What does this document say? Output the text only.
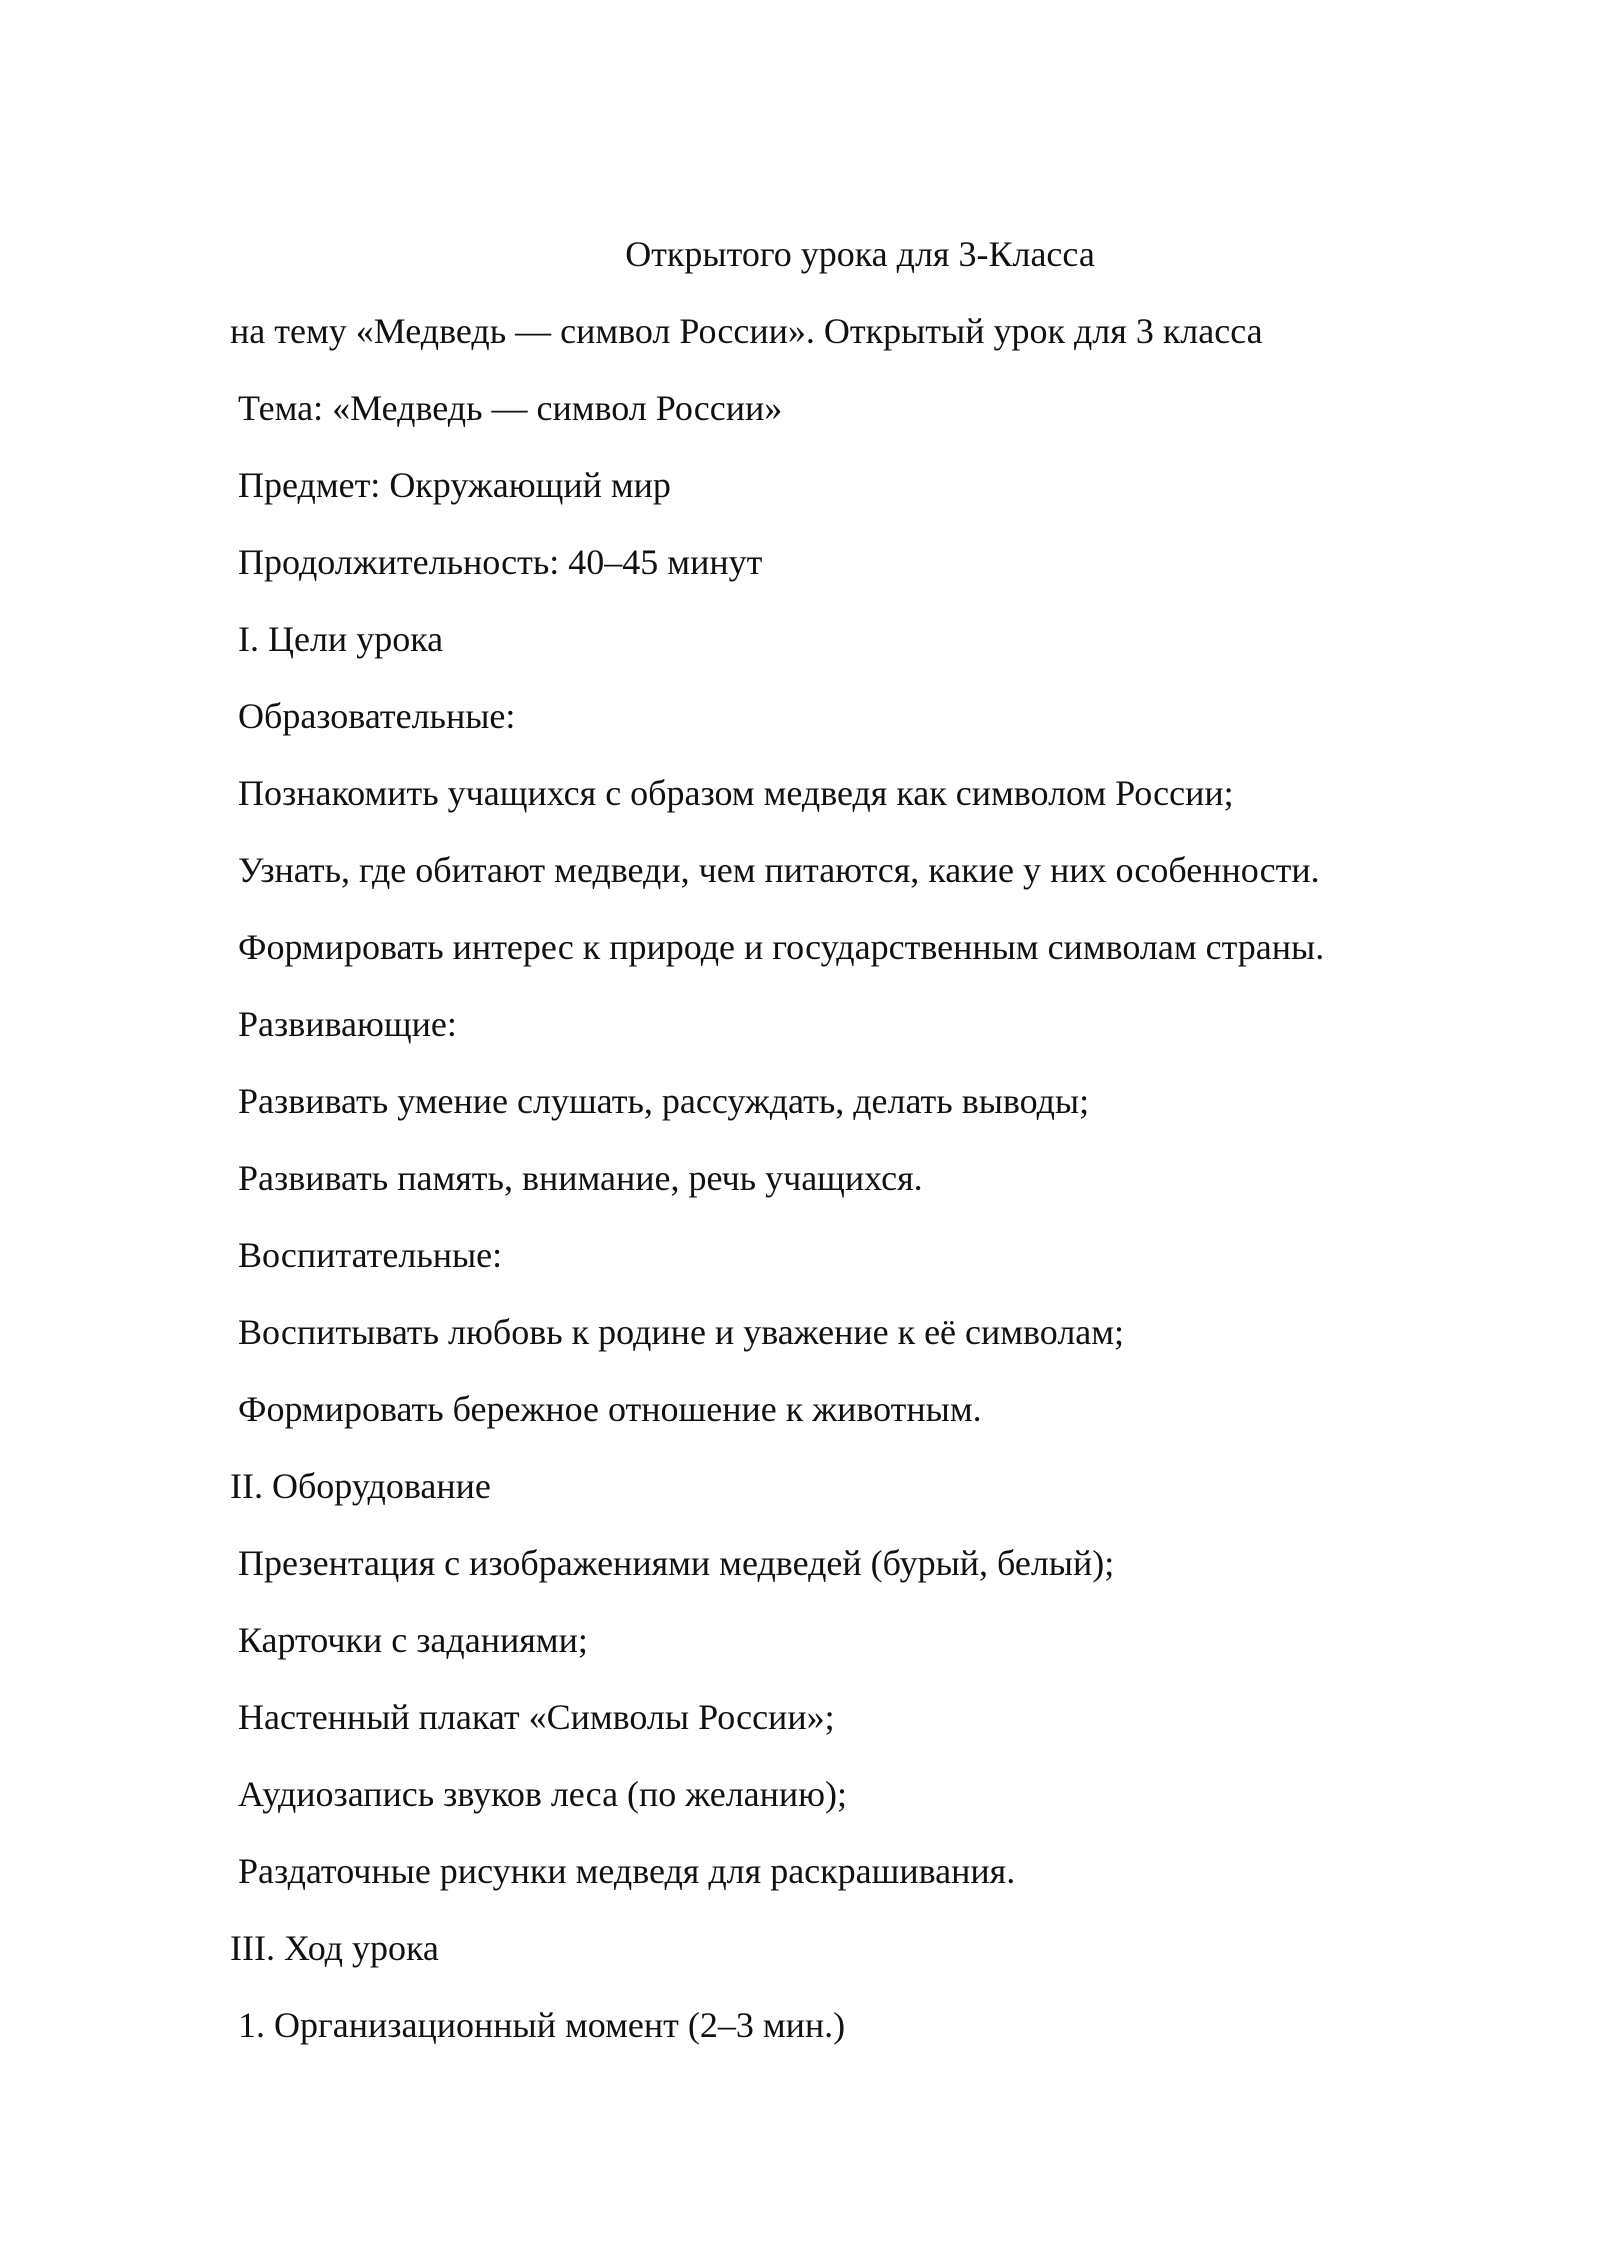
Открытого урока для 3-Класса

на тему «Медведь — символ России». Открытый урок для 3 класса

Тема: «Медведь — символ России»

Предмет: Окружающий мир

Продолжительность: 40–45 минут

I. Цели урока
Образовательные:

Познакомить учащихся с образом медведя как символом России;

Узнать, где обитают медведи, чем питаются, какие у них особенности.

Формировать интерес к природе и государственным символам страны.

Развивающие:

Развивать умение слушать, рассуждать, делать выводы;

Развивать память, внимание, речь учащихся.

Воспитательные:

Воспитывать любовь к родине и уважение к её символам;

Формировать бережное отношение к животным.

II. Оборудование

Презентация с изображениями медведей (бурый, белый);

Карточки с заданиями;

Настенный плакат «Символы России»;

Аудиозапись звуков леса (по желанию);

Раздаточные рисунки медведя для раскрашивания.

III. Ход урока

1. Организационный момент (2–3 мин.)
